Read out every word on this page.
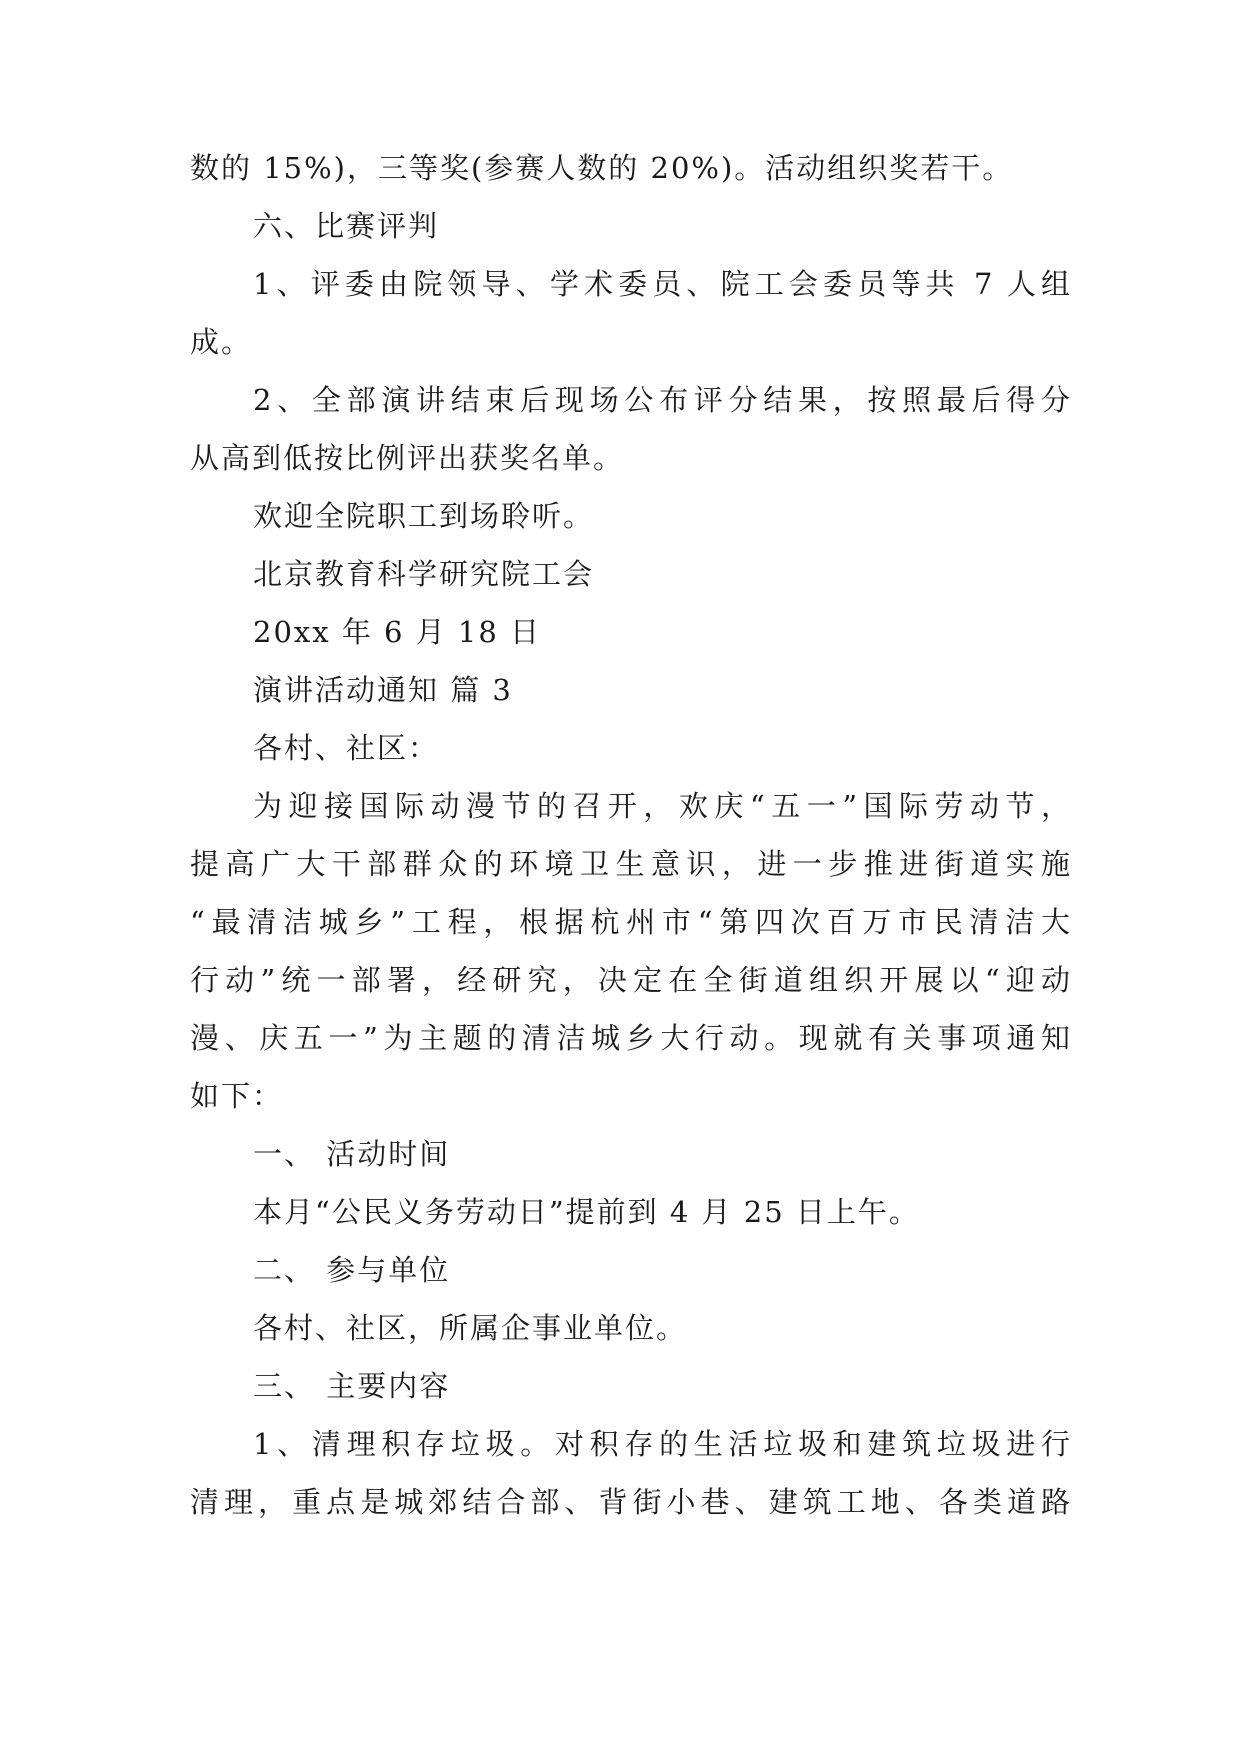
数的 15%)，三等奖(参赛人数的 20%)。活动组织奖若干。
六、比赛评判
1、评委由院领导、学术委员、院工会委员等共 7 人组
成。
2、全部演讲结束后现场公布评分结果，按照最后得分
从高到低按比例评出获奖名单。
欢迎全院职工到场聆听。
北京教育科学研究院工会
20xx 年 6 月 18 日
演讲活动通知 篇 3
各村、社区：
为迎接国际动漫节的召开，欢庆“五一”国际劳动节，
提高广大干部群众的环境卫生意识，进一步推进街道实施
“最清洁城乡”工程，根据杭州市“第四次百万市民清洁大
行动”统一部署，经研究，决定在全街道组织开展以“迎动
漫、庆五一”为主题的清洁城乡大行动。现就有关事项通知
如下：
一、 活动时间
本月“公民义务劳动日”提前到 4 月 25 日上午。
二、 参与单位
各村、社区，所属企事业单位。
三、 主要内容
1、清理积存垃圾。对积存的生活垃圾和建筑垃圾进行
清理，重点是城郊结合部、背街小巷、建筑工地、各类道路
